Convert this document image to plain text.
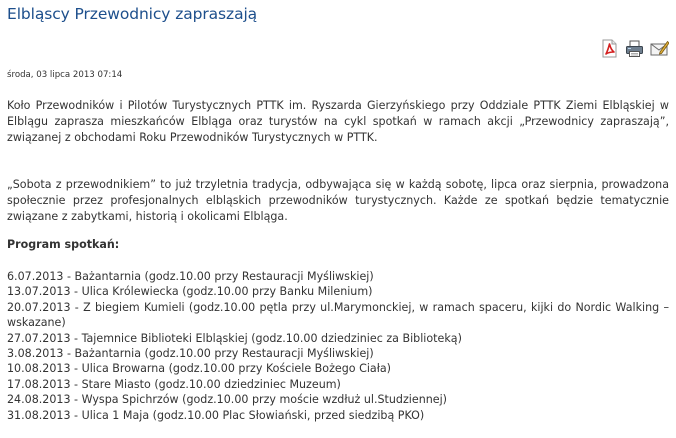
Elbląscy Przewodnicy zapraszają
środa, 03 lipca 2013 07:14

Koło Przewodników i Pilotów Turystycznych PTTK im. Ryszarda Gierzyńskiego przy Oddziale PTTK Ziemi Elbląskiej w Elblągu zaprasza mieszkańców Elbląga oraz turystów na cykl spotkań w ramach akcji „Przewodnicy zapraszają”, związanej z obchodami Roku Przewodników Turystycznych w PTTK.

„Sobota z przewodnikiem” to już trzyletnia tradycja, odbywająca się w każdą sobotę, lipca oraz sierpnia, prowadzona społecznie przez profesjonalnych elbląskich przewodników turystycznych. Każde ze spotkań będzie tematycznie związane z zabytkami, historią i okolicami Elbląga.

Program spotkań:
6.07.2013 - Bażantarnia (godz.10.00 przy Restauracji Myśliwskiej)
13.07.2013 - Ulica Królewiecka (godz.10.00 przy Banku Milenium)
20.07.2013 - Z biegiem Kumieli (godz.10.00 pętla przy ul.Marymonckiej, w ramach spaceru, kijki do Nordic Walking – wskazane)
27.07.2013 - Tajemnice Biblioteki Elbląskiej (godz.10.00 dziedziniec za Biblioteką)
3.08.2013 - Bażantarnia (godz.10.00 przy Restauracji Myśliwskiej)
10.08.2013 - Ulica Browarna (godz.10.00 przy Kościele Bożego Ciała)
17.08.2013 - Stare Miasto (godz.10.00 dziedziniec Muzeum)
24.08.2013 - Wyspa Spichrzów (godz.10.00 przy moście wzdłuż ul.Studziennej)
31.08.2013 - Ulica 1 Maja (godz.10.00 Plac Słowiański, przed siedzibą PKO)
